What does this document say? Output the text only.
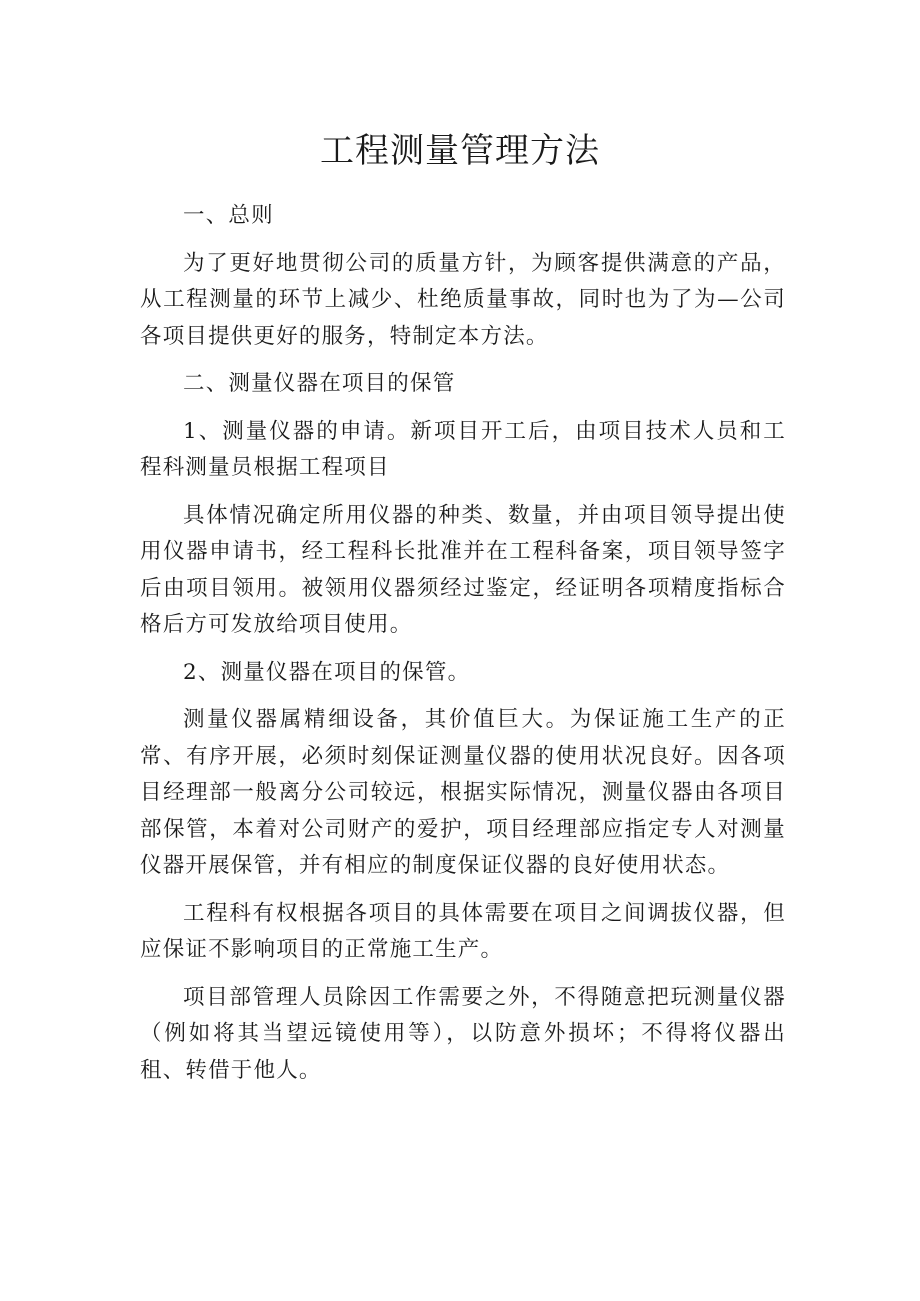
工程测量管理方法

一、总则

为了更好地贯彻公司的质量方针，为顾客提供满意的产品，从工程测量的环节上减少、杜绝质量事故，同时也为了为—公司各项目提供更好的服务，特制定本方法。

二、测量仪器在项目的保管

1、测量仪器的申请。新项目开工后，由项目技术人员和工程科测量员根据工程项目

具体情况确定所用仪器的种类、数量，并由项目领导提出使用仪器申请书，经工程科长批准并在工程科备案，项目领导签字后由项目领用。被领用仪器须经过鉴定，经证明各项精度指标合格后方可发放给项目使用。

2、测量仪器在项目的保管。

测量仪器属精细设备，其价值巨大。为保证施工生产的正常、有序开展，必须时刻保证测量仪器的使用状况良好。因各项目经理部一般离分公司较远，根据实际情况，测量仪器由各项目部保管，本着对公司财产的爱护，项目经理部应指定专人对测量仪器开展保管，并有相应的制度保证仪器的良好使用状态。

工程科有权根据各项目的具体需要在项目之间调拔仪器，但应保证不影响项目的正常施工生产。

项目部管理人员除因工作需要之外，不得随意把玩测量仪器（例如将其当望远镜使用等），以防意外损坏；不得将仪器出租、转借于他人。
